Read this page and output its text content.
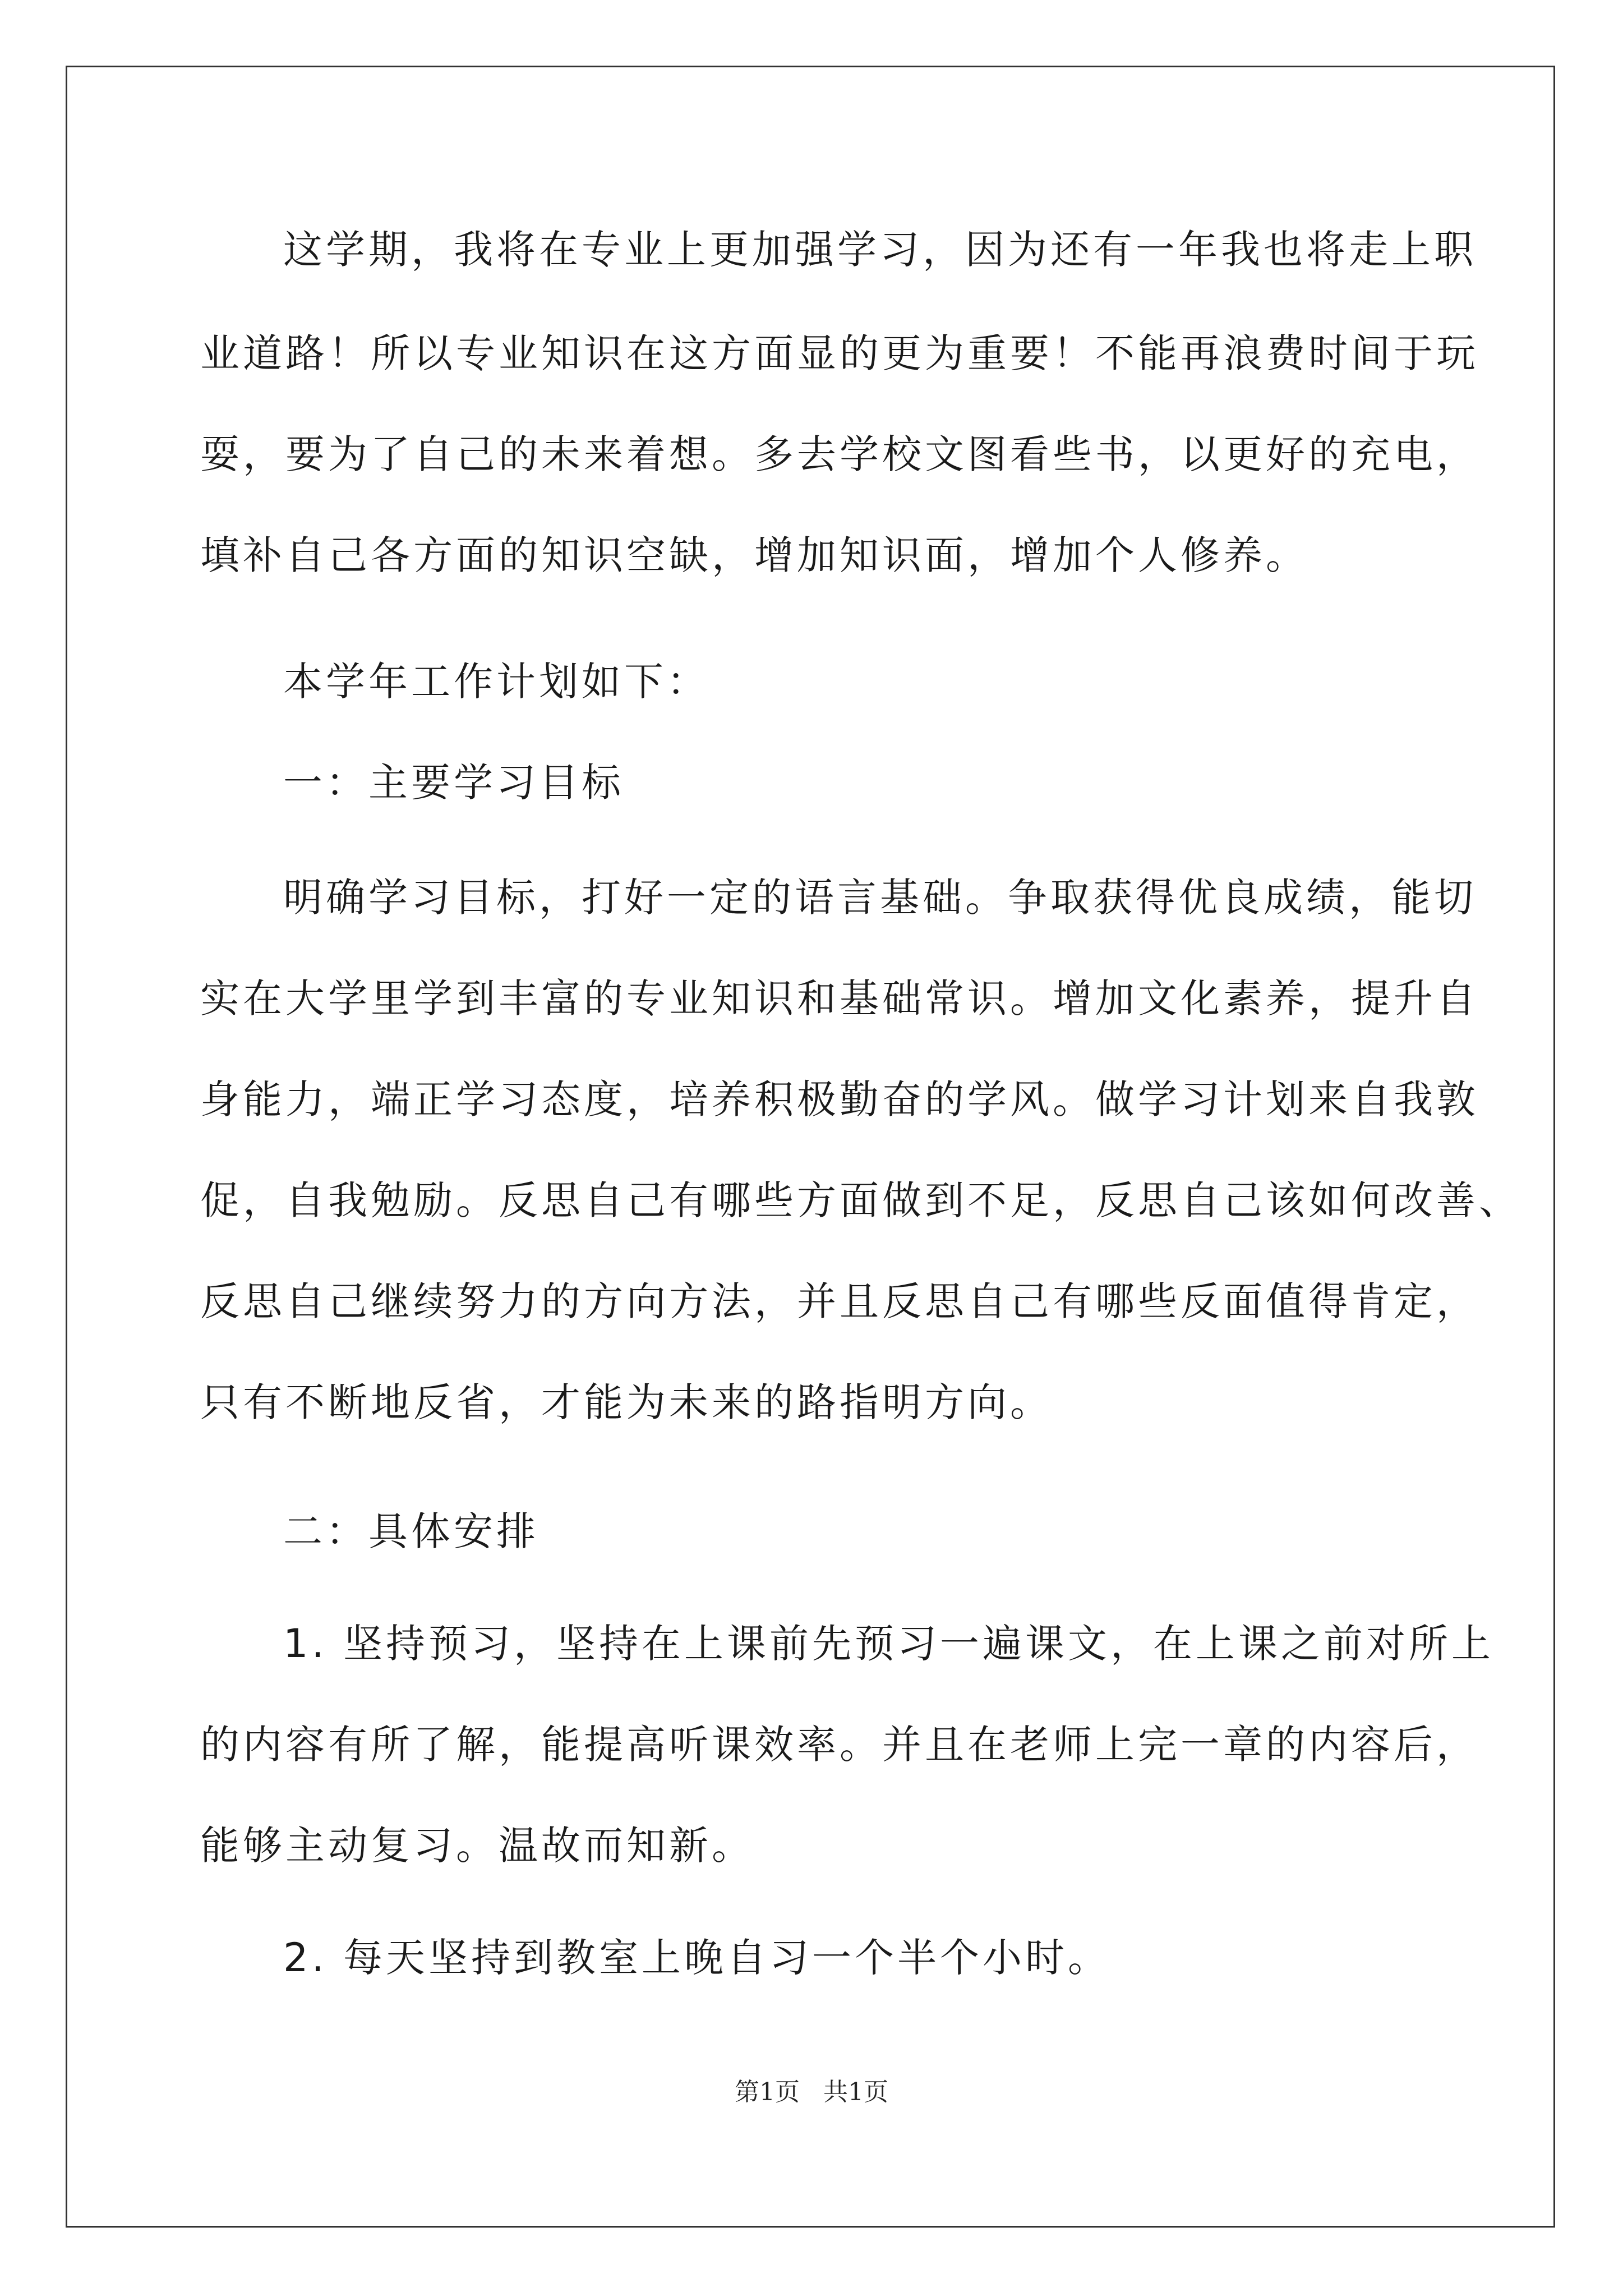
这学期，我将在专业上更加强学习，因为还有一年我也将走上职
业道路！所以专业知识在这方面显的更为重要！不能再浪费时间于玩
耍，要为了自己的未来着想。多去学校文图看些书，以更好的充电，
填补自己各方面的知识空缺，增加知识面，增加个人修养。
本学年工作计划如下：
一：主要学习目标
明确学习目标，打好一定的语言基础。争取获得优良成绩，能切
实在大学里学到丰富的专业知识和基础常识。增加文化素养，提升自
身能力，端正学习态度，培养积极勤奋的学风。做学习计划来自我敦
促，自我勉励。反思自己有哪些方面做到不足，反思自己该如何改善、
反思自己继续努力的方向方法，并且反思自己有哪些反面值得肯定，
只有不断地反省，才能为未来的路指明方向。
二：具体安排
1. 坚持预习，坚持在上课前先预习一遍课文，在上课之前对所上
的内容有所了解，能提高听课效率。并且在老师上完一章的内容后，
能够主动复习。温故而知新。
2. 每天坚持到教室上晚自习一个半个小时。
第1页   共1页
